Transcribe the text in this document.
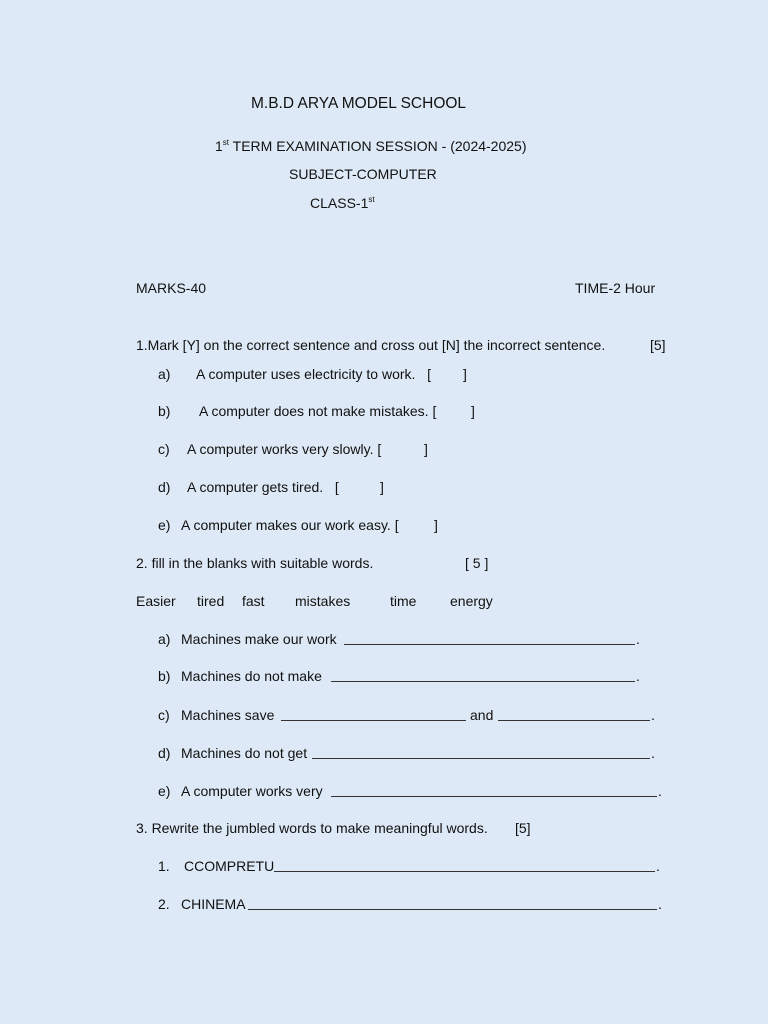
M.B.D ARYA MODEL SCHOOL
1st TERM EXAMINATION SESSION - (2024-2025)
SUBJECT-COMPUTER
CLASS-1st
MARKS-40	TIME-2 Hour
1.Mark [Y] on the correct sentence and cross out [N] the incorrect sentence.	[5]
a) A computer uses electricity to work.   [ ]
b) A computer does not make mistakes. [ ]
c) A computer works very slowly. [	]
d) A computer gets tired.   [	]
e) A computer makes our work easy. [	]
2. fill in the blanks with suitable words.	[ 5 ]
Easier tired fast mistakes	time energy
a) Machines make our work	.
b) Machines do not make	.
c) Machines save	and	.
d) Machines do not get	.
e) A computer works very	.
3. Rewrite the jumbled words to make meaningful words. [5]
1. CCOMPRETU	.
2. CHINEMA	.
